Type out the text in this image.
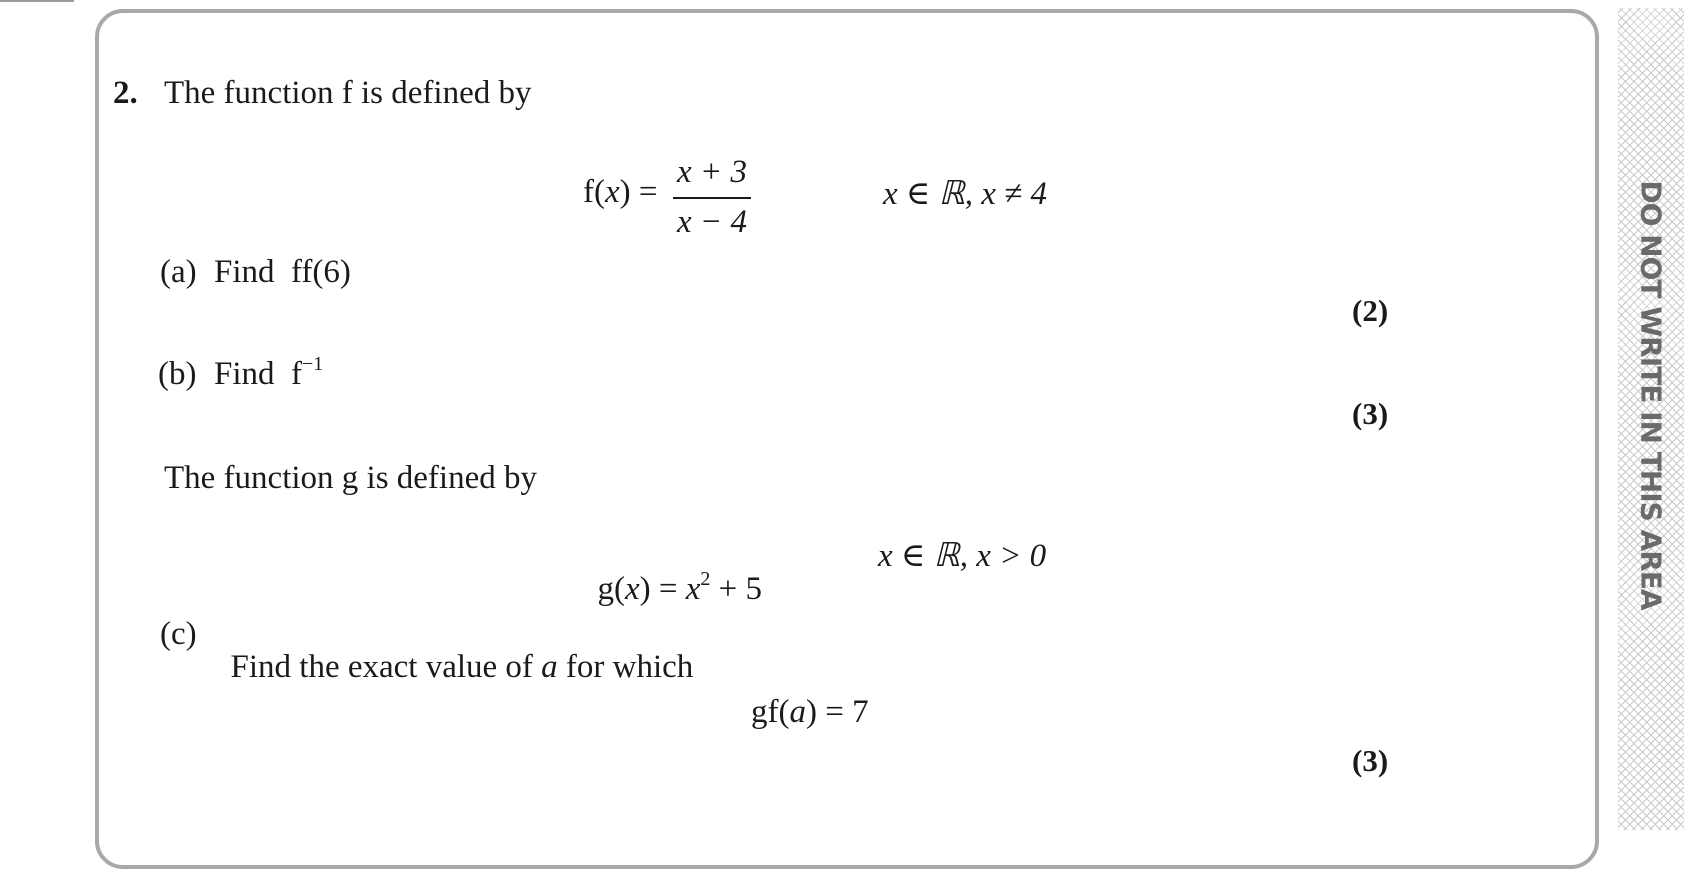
DO NOT WRITE IN THIS AREA
2. The function f is defined by
f(x) =
x + 3
x − 4
x ∈ ℝ, x ≠ 4
(a) Find  ff(6)
(2)
(b) Find  $f^{-1}$
(3)
The function g is defined by

$g(x) = x^2 + 5$

x ∈ ℝ, x > 0
(c)

Find the exact value of a for which

gf(a) = 7
(3)
